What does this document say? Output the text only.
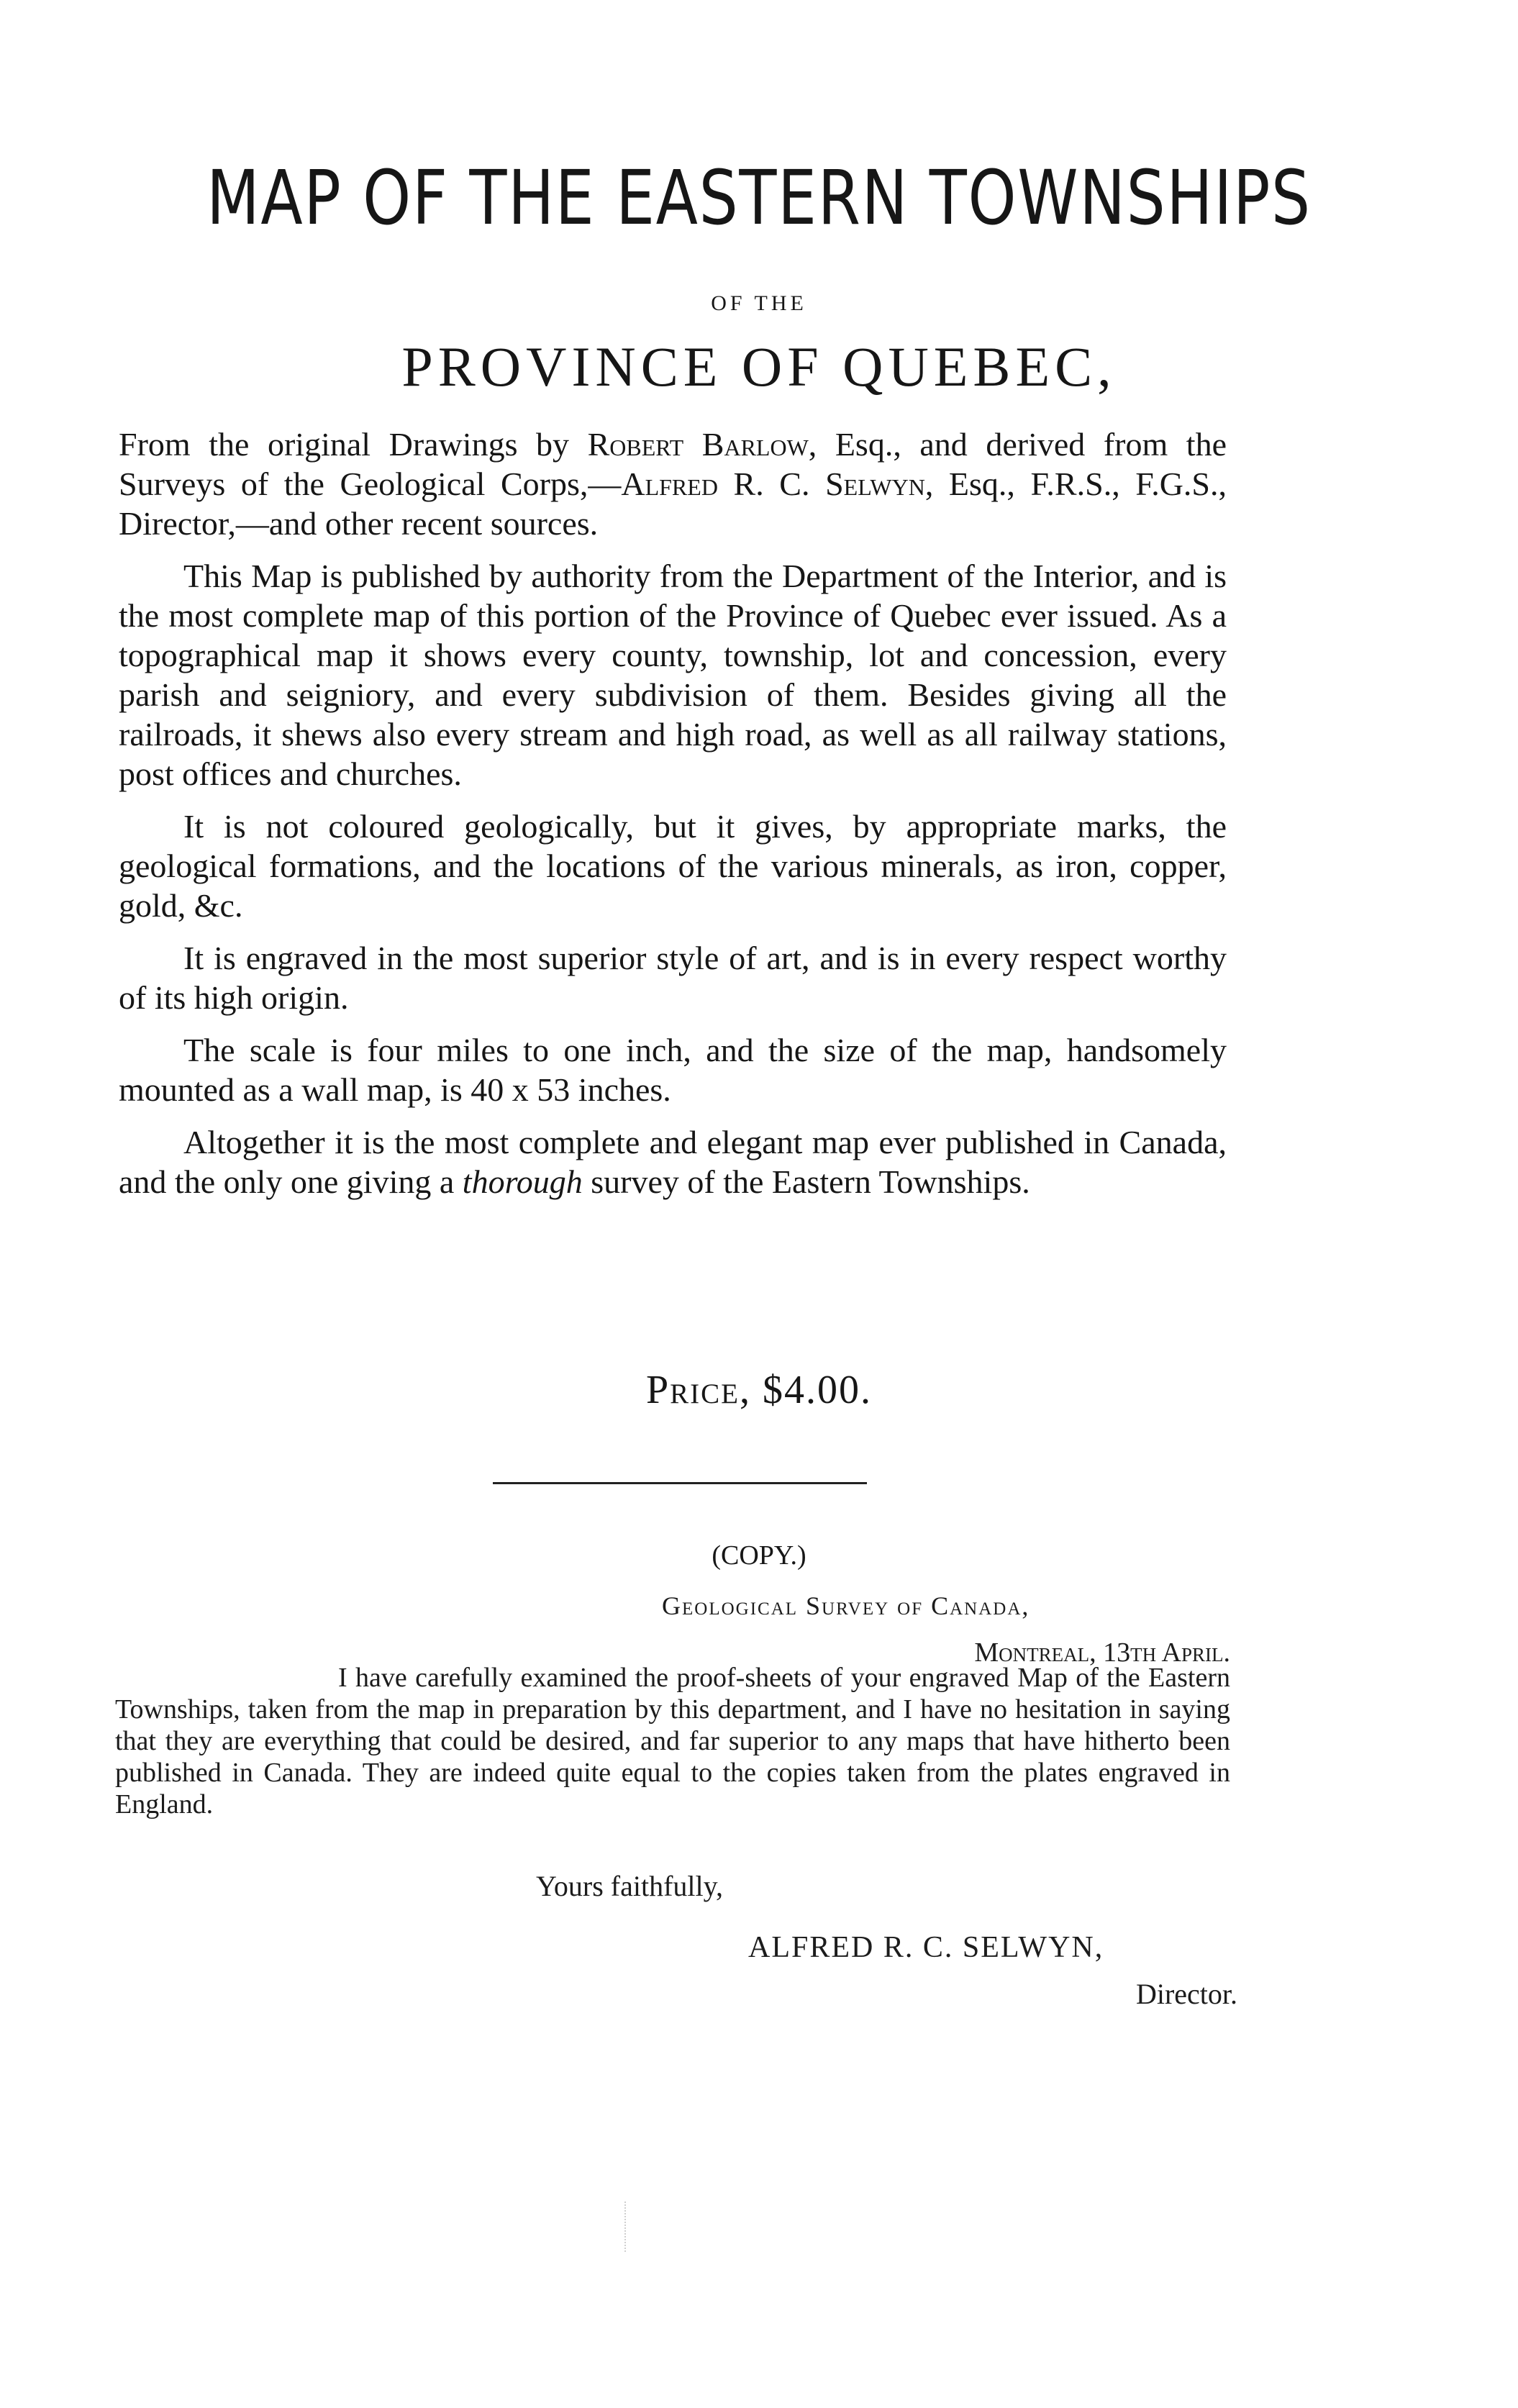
MAP OF THE EASTERN TOWNSHIPS
OF THE
PROVINCE OF QUEBEC,

From the original Drawings by Robert Barlow, Esq., and derived from the Surveys of the Geological Corps,—Alfred R. C. Selwyn, Esq., F.R.S., F.G.S., Director,—and other recent sources.

This Map is published by authority from the Department of the Interior, and is the most complete map of this portion of the Province of Quebec ever issued. As a topographical map it shows every county, township, lot and concession, every parish and seigniory, and every subdivision of them. Besides giving all the railroads, it shews also every stream and high road, as well as all railway stations, post offices and churches.

It is not coloured geologically, but it gives, by appropriate marks, the geological formations, and the locations of the various minerals, as iron, copper, gold, &c.

It is engraved in the most superior style of art, and is in every respect worthy of its high origin.

The scale is four miles to one inch, and the size of the map, handsomely mounted as a wall map, is 40 x 53 inches.

Altogether it is the most complete and elegant map ever published in Canada, and the only one giving a thorough survey of the Eastern Townships.

Price, $4.00.
(COPY.)
Geological Survey of Canada,
Montreal, 13th April.

I have carefully examined the proof-sheets of your engraved Map of the Eastern Townships, taken from the map in preparation by this department, and I have no hesitation in saying that they are everything that could be desired, and far superior to any maps that have hitherto been published in Canada. They are indeed quite equal to the copies taken from the plates engraved in England.

Yours faithfully,
ALFRED R. C. SELWYN,
Director.
